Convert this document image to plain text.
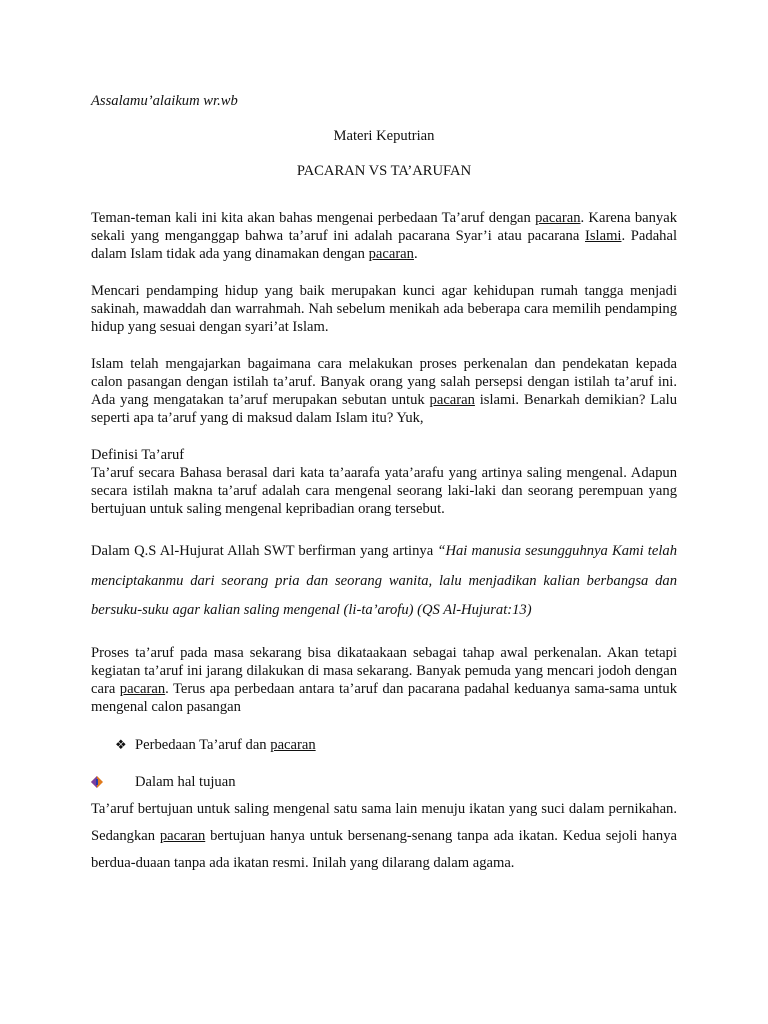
Assalamu’alaikum wr.wb

Materi Keputrian

PACARAN VS TA’ARUFAN

Teman-teman kali ini kita akan bahas mengenai perbedaan Ta’aruf dengan pacaran. Karena banyak sekali yang menganggap bahwa ta’aruf ini adalah pacarana Syar’i atau pacarana Islami. Padahal dalam Islam tidak ada yang dinamakan dengan pacaran.

Mencari pendamping hidup yang baik merupakan kunci agar kehidupan rumah tangga menjadi sakinah, mawaddah dan warrahmah. Nah sebelum menikah ada beberapa cara memilih pendamping hidup yang sesuai dengan syari’at Islam.

Islam telah mengajarkan bagaimana cara melakukan proses perkenalan dan pendekatan kepada calon pasangan dengan istilah ta’aruf. Banyak orang yang salah persepsi dengan istilah ta’aruf ini. Ada yang mengatakan ta’aruf merupakan sebutan untuk pacaran islami. Benarkah demikian? Lalu seperti apa ta’aruf yang di maksud dalam Islam itu? Yuk,

Definisi Ta’aruf

Ta’aruf secara Bahasa berasal dari kata ta’aarafa yata’arafu yang artinya saling mengenal. Adapun secara istilah makna ta’aruf adalah cara mengenal seorang laki-laki dan seorang perempuan yang bertujuan untuk saling mengenal kepribadian orang tersebut.

Dalam Q.S Al-Hujurat Allah SWT berfirman yang artinya “Hai manusia sesungguhnya Kami telah menciptakanmu dari seorang pria dan seorang wanita, lalu menjadikan kalian berbangsa dan bersuku-suku agar kalian saling mengenal (li-ta’arofu) (QS Al-Hujurat:13)

Proses ta’aruf pada masa sekarang bisa dikataakaan sebagai tahap awal perkenalan. Akan tetapi kegiatan ta’aruf ini jarang dilakukan di masa sekarang. Banyak pemuda yang mencari jodoh dengan cara pacaran. Terus apa perbedaan antara ta’aruf dan pacarana padahal keduanya sama-sama untuk mengenal calon pasangan

❖ Perbedaan Ta’aruf dan pacaran
Dalam hal tujuan

Ta’aruf bertujuan untuk saling mengenal satu sama lain menuju ikatan yang suci dalam pernikahan. Sedangkan pacaran bertujuan hanya untuk bersenang-senang tanpa ada ikatan. Kedua sejoli hanya berdua-duaan tanpa ada ikatan resmi. Inilah yang dilarang dalam agama.
